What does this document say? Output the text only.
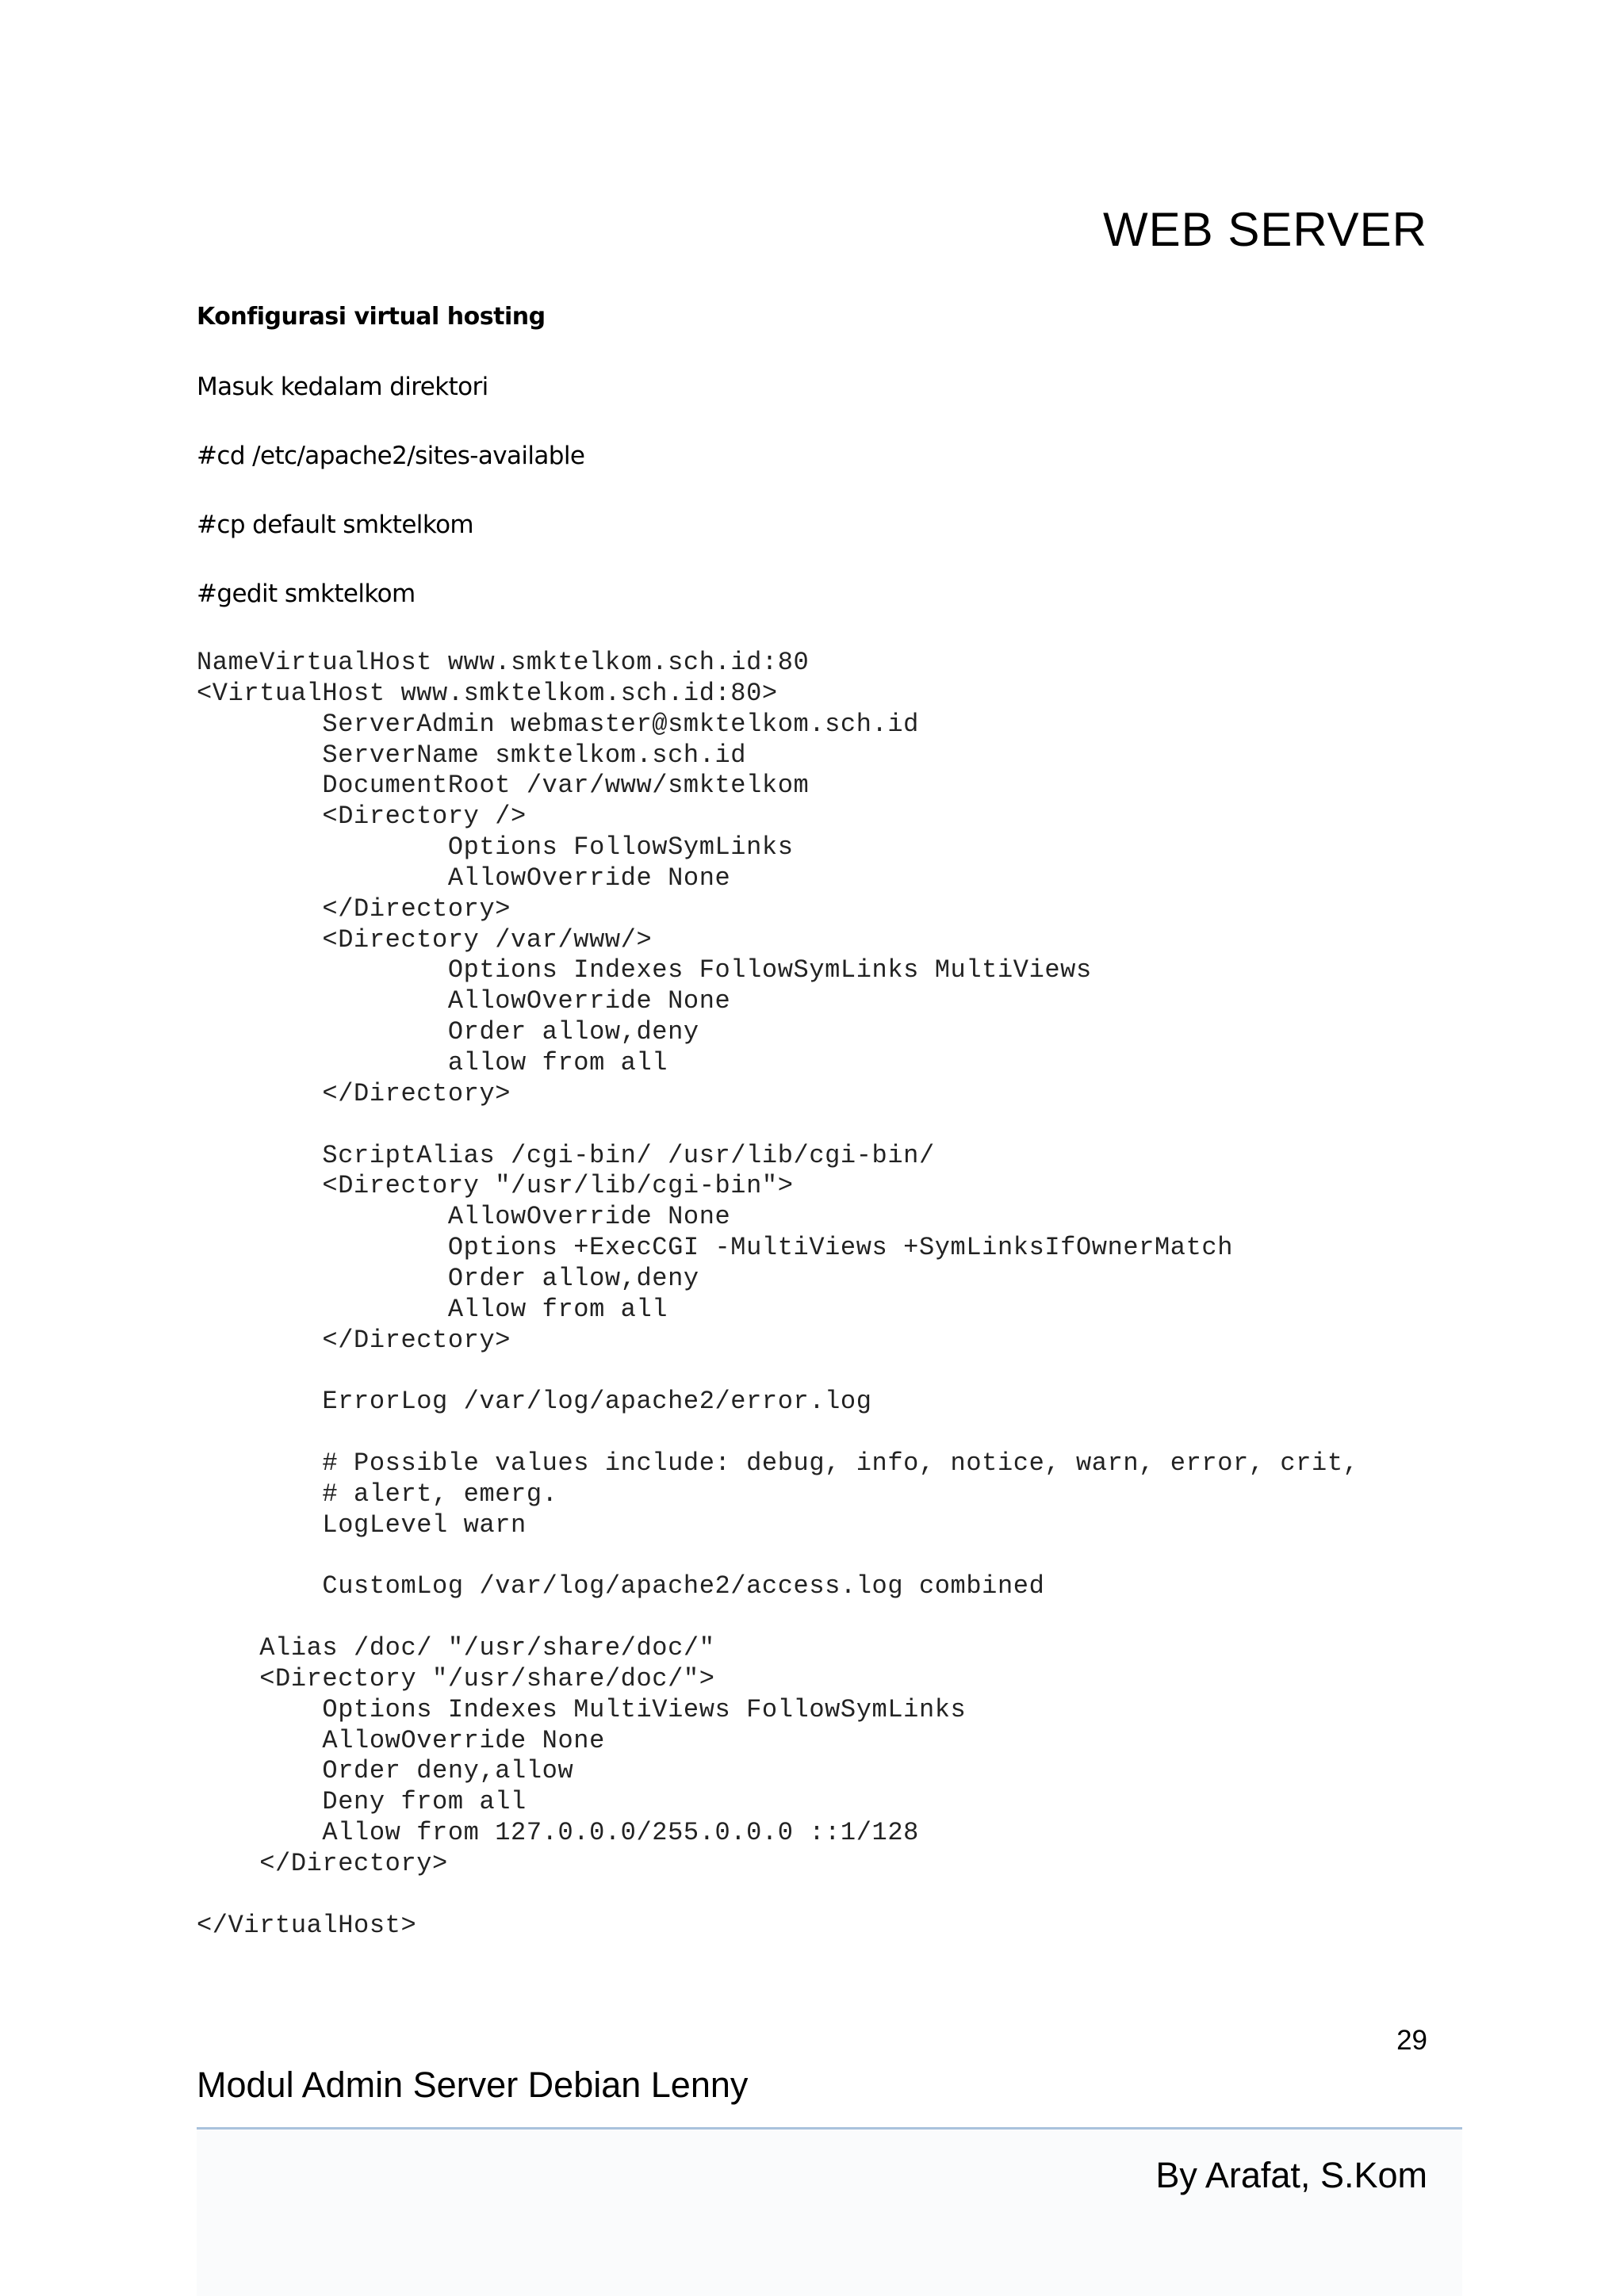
WEB SERVER
Konfigurasi virtual hosting
Masuk kedalam direktori
#cd /etc/apache2/sites-available
#cp default smktelkom
#gedit smktelkom
NameVirtualHost www.smktelkom.sch.id:80
<VirtualHost www.smktelkom.sch.id:80>
ServerAdmin webmaster@smktelkom.sch.id
ServerName smktelkom.sch.id
DocumentRoot /var/www/smktelkom
<Directory />
Options FollowSymLinks
AllowOverride None
</Directory>
<Directory /var/www/>
Options Indexes FollowSymLinks MultiViews
AllowOverride None
Order allow,deny
allow from all
</Directory>

ScriptAlias /cgi-bin/ /usr/lib/cgi-bin/
<Directory "/usr/lib/cgi-bin">
AllowOverride None
Options +ExecCGI -MultiViews +SymLinksIfOwnerMatch
Order allow,deny
Allow from all
</Directory>

ErrorLog /var/log/apache2/error.log

# Possible values include: debug, info, notice, warn, error, crit,
# alert, emerg.
LogLevel warn

CustomLog /var/log/apache2/access.log combined

Alias /doc/ "/usr/share/doc/"
<Directory "/usr/share/doc/">
Options Indexes MultiViews FollowSymLinks
AllowOverride None
Order deny,allow
Deny from all
Allow from 127.0.0.0/255.0.0.0 ::1/128
</Directory>

</VirtualHost>
29
Modul Admin Server Debian Lenny
By Arafat, S.Kom
